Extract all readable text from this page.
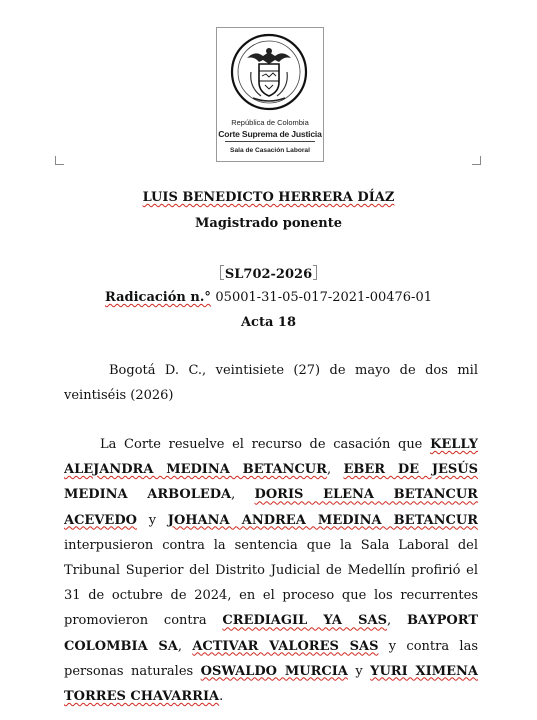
República de Colombia
Corte Suprema de Justicia
Sala de Casación Laboral
LUIS BENEDICTO HERRERA DÍAZ
Magistrado ponente
SL702-2026
Radicación n.° 05001-31-05-017-2021-00476-01
Acta 18
Bogotá D. C., veintisiete (27) de mayo de dos mil
veintiséis (2026)
La Corte resuelve el recurso de casación que KELLY
ALEJANDRA MEDINA BETANCUR, EBER DE JESÚS
MEDINA ARBOLEDA, DORIS ELENA BETANCUR
ACEVEDO y JOHANA ANDREA MEDINA BETANCUR
interpusieron contra la sentencia que la Sala Laboral del
Tribunal Superior del Distrito Judicial de Medellín profirió el
31 de octubre de 2024, en el proceso que los recurrentes
promovieron contra CREDIAGIL YA SAS, BAYPORT
COLOMBIA SA, ACTIVAR VALORES SAS y contra las
personas naturales OSWALDO MURCIA y YURI XIMENA
TORRES CHAVARRIA.
